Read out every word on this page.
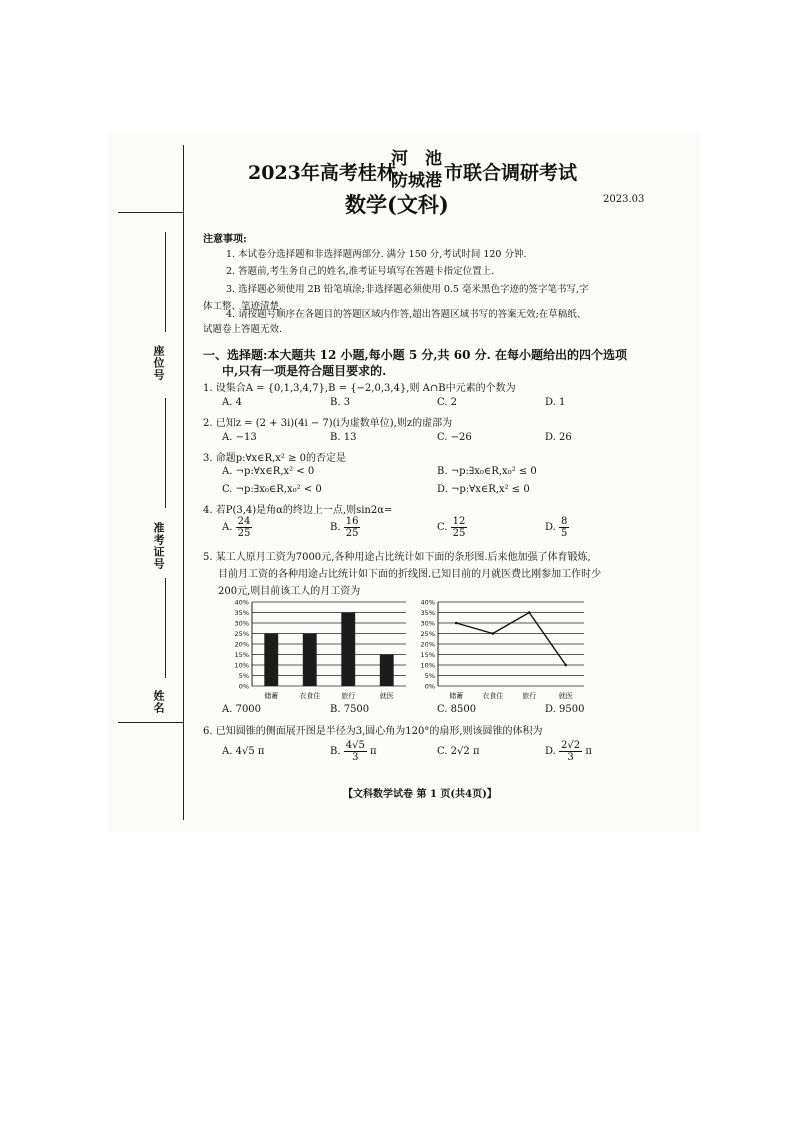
座位号
准考证号
姓名
2023年高考桂林
河　池
防城港 市联合调研考试
数学(文科)	2023.03
注意事项:
1. 本试卷分选择题和非选择题两部分. 满分 150 分,考试时间 120 分钟.
2. 答题前,考生务自己的姓名,准考证号填写在答题卡指定位置上.
3. 选择题必须使用 2B 铅笔填涂;非选择题必须使用 0.5 毫米黑色字迹的签字笔书写,字
体工整、笔迹清楚.
4. 请按题号顺序在各题目的答题区域内作答,超出答题区域书写的答案无效;在草稿纸、
试题卷上答题无效.
一、选择题:本大题共 12 小题,每小题 5 分,共 60 分. 在每小题给出的四个选项
中,只有一项是符合题目要求的.
1. 设集合A = {0,1,3,4,7},B = {−2,0,3,4},则 A∩B中元素的个数为
A. 4	B. 3	C. 2	D. 1
2. 已知z = (2 + 3i)(4i − 7)(i为虚数单位),则z的虚部为
A. −13	B. 13	C. −26	D. 26
3. 命题p:∀x∈R,x² ≥ 0的否定是
A. ¬p:∀x∈R,x² < 0	B. ¬p:∃x₀∈R,x₀² ≤ 0
C. ¬p:∃x₀∈R,x₀² < 0	D. ¬p:∀x∈R,x² ≤ 0
4. 若P(3,4)是角α的终边上一点,则sin2α=
A. $\frac{24}{25}$	B. $\frac{16}{25}$	C. $\frac{12}{25}$	D. $\frac{8}{5}$
5. 某工人原月工资为7000元,各种用途占比统计如下面的条形图.后来他加强了体育锻炼,
目前月工资的各种用途占比统计如下面的折线图.已知目前的月就医费比刚参加工作时少
200元,则目前该工人的月工资为
0%
5%
10%
15%
20%
25%
30%
35%
40%
储蓄	衣食住	旅行	就医
0%
5%
10%
15%
20%
25%
30%
35%
40%
储蓄	衣食住	旅行	就医
A. 7000	B. 7500	C. 8500	D. 9500
6. 已知圆锥的侧面展开图是半径为3,圆心角为120°的扇形,则该圆锥的体积为
A. 4√5 π	B. $\frac{4√5}{3}$ π	C. 2√2 π	D. $\frac{2√2}{3}$ π
【文科数学试卷 第 1 页(共4页)】
